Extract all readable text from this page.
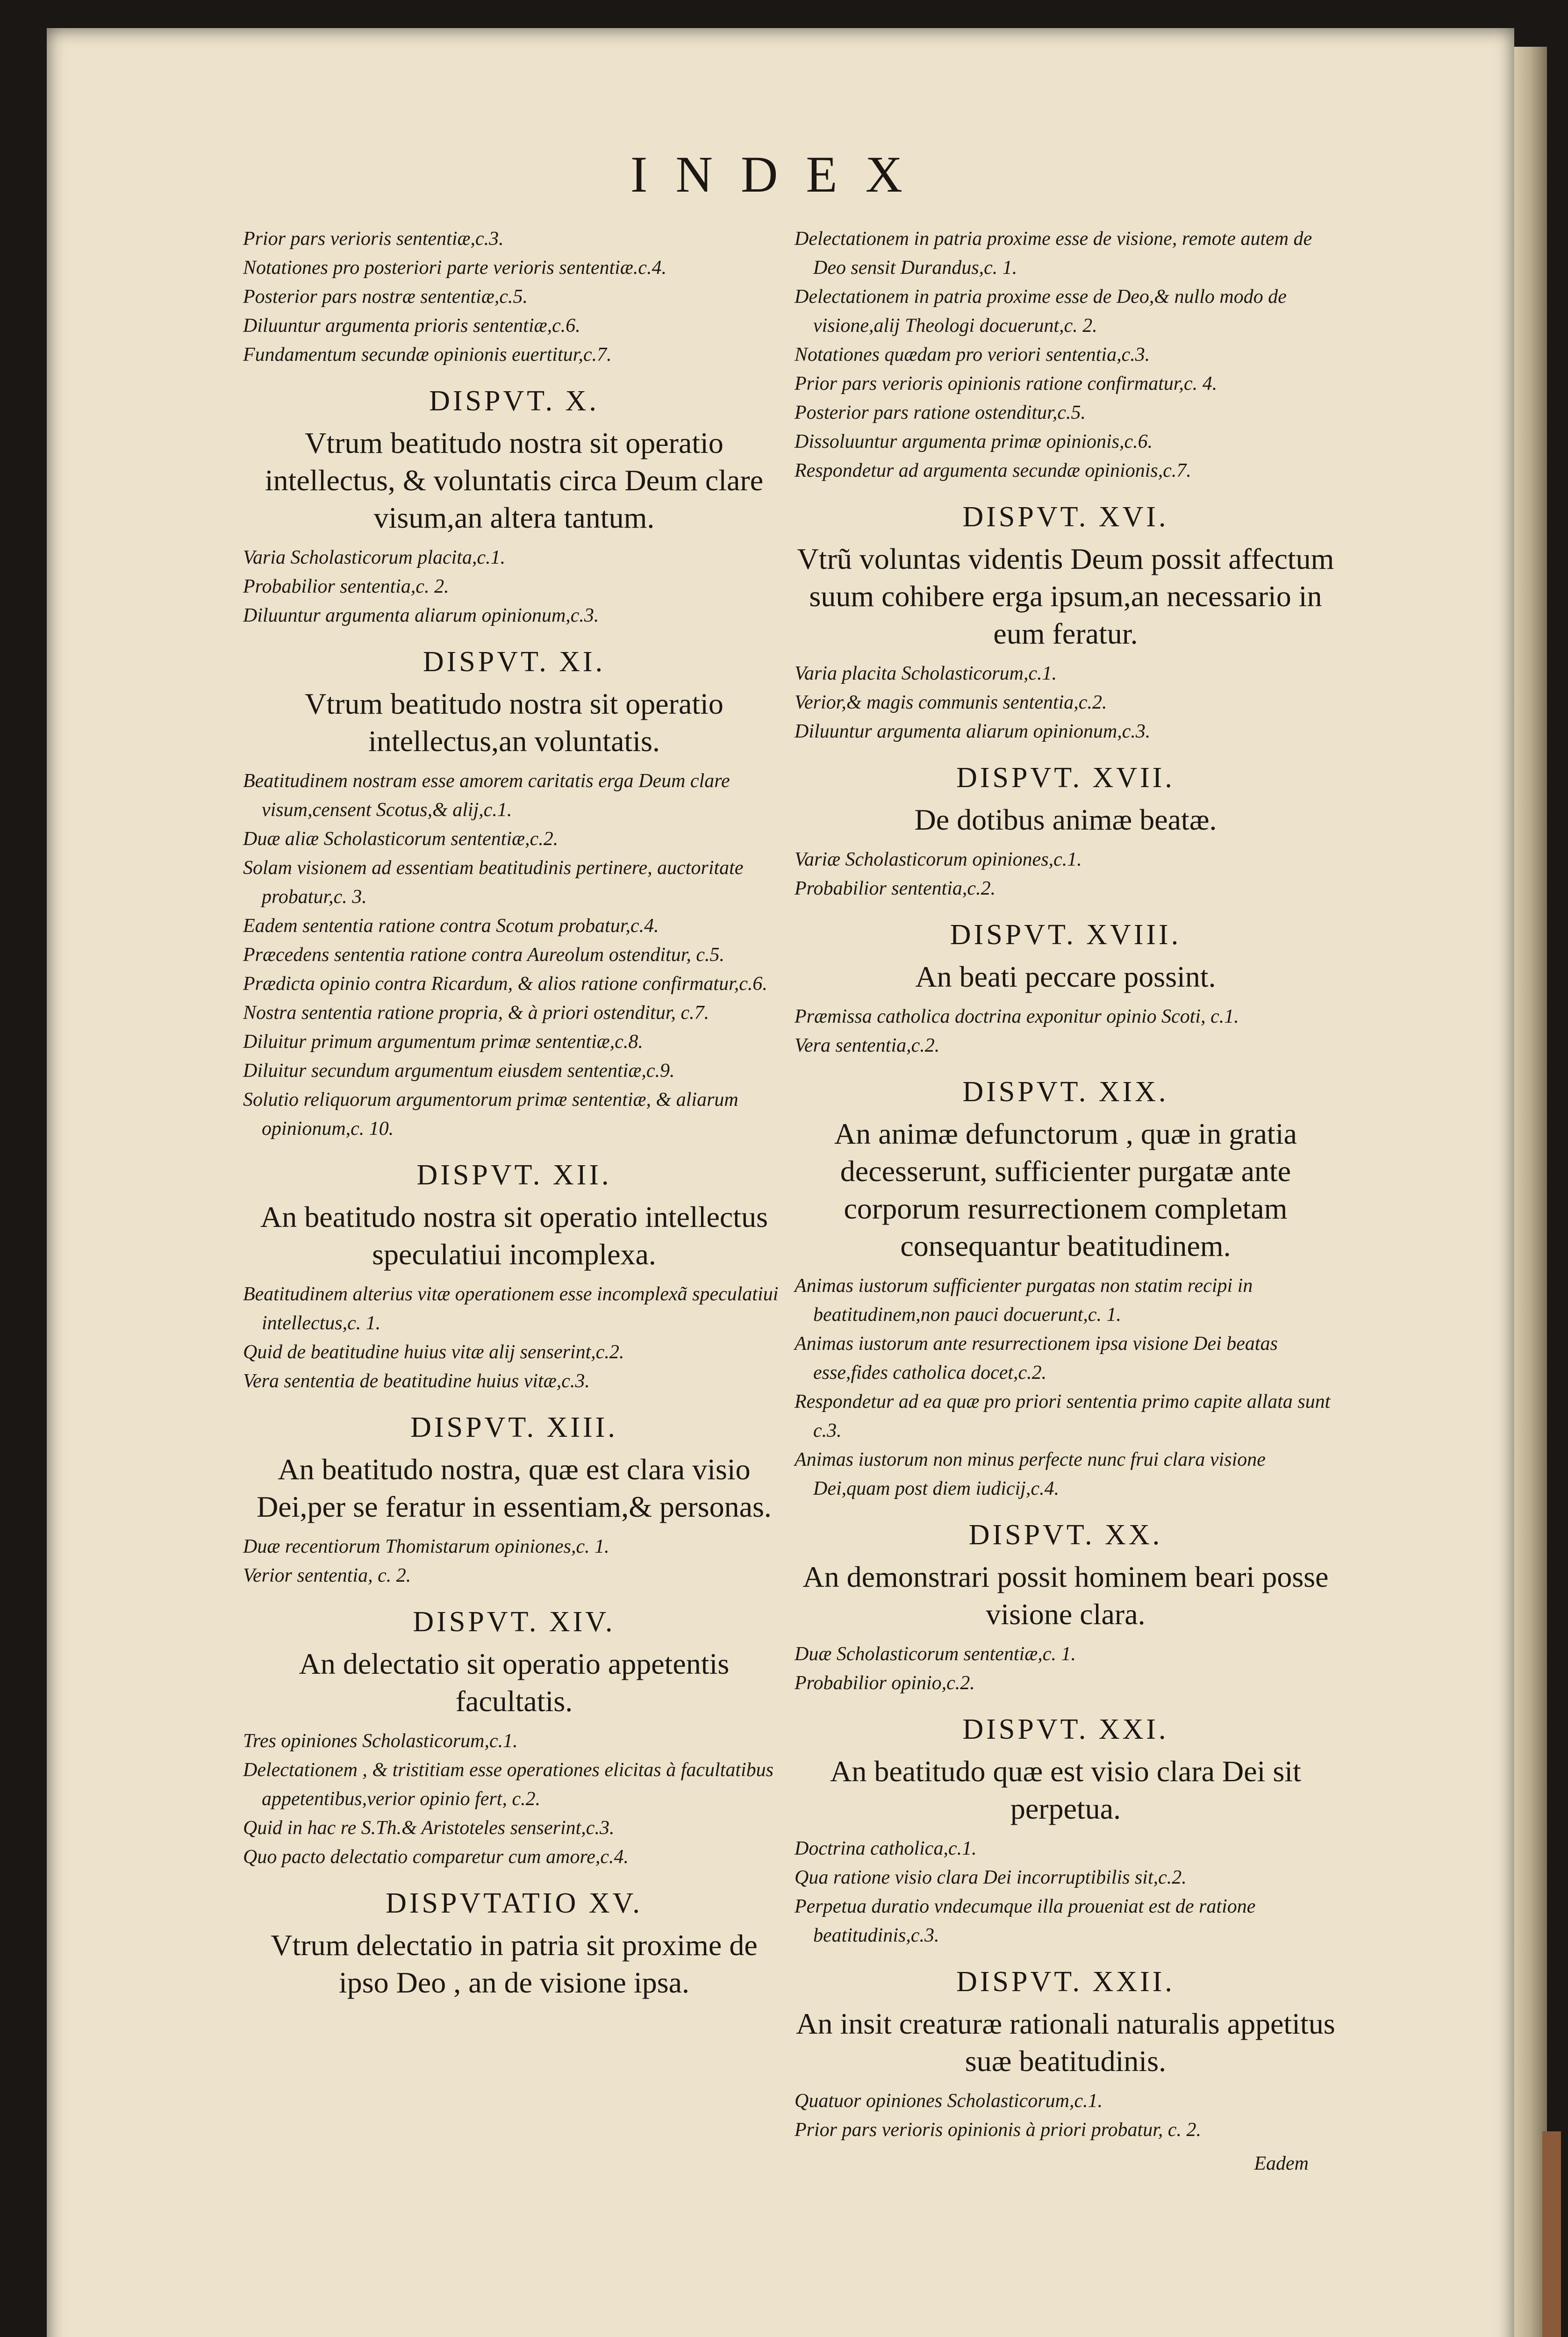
INDEX
Prior pars verioris sententiæ,c.3.
Notationes pro posteriori parte verioris sententiæ.c.4.
Posterior pars nostræ sententiæ,c.5.
Diluuntur argumenta prioris sententiæ,c.6.
Fundamentum secundæ opinionis euertitur,c.7.
DISPVT. X.
Vtrum beatitudo nostra sit operatio intellectus, & voluntatis circa Deum clare visum,an altera tantum.
Varia Scholasticorum placita,c.1.
Probabilior sententia,c. 2.
Diluuntur argumenta aliarum opinionum,c.3.
DISPVT. XI.
Vtrum beatitudo nostra sit operatio intellectus,an voluntatis.
Beatitudinem nostram esse amorem caritatis erga Deum clare visum,censent Scotus,& alij,c.1.
Duæ aliæ Scholasticorum sententiæ,c.2.
Solam visionem ad essentiam beatitudinis pertinere, auctoritate probatur,c. 3.
Eadem sententia ratione contra Scotum probatur,c.4.
Præcedens sententia ratione contra Aureolum ostenditur, c.5.
Prædicta opinio contra Ricardum, & alios ratione confirmatur,c.6.
Nostra sententia ratione propria, & à priori ostenditur, c.7.
Diluitur primum argumentum primæ sententiæ,c.8.
Diluitur secundum argumentum eiusdem sententiæ,c.9.
Solutio reliquorum argumentorum primæ sententiæ, & aliarum opinionum,c. 10.
DISPVT. XII.
An beatitudo nostra sit operatio intellectus speculatiui incomplexa.
Beatitudinem alterius vitæ operationem esse incomplexã speculatiui intellectus,c. 1.
Quid de beatitudine huius vitæ alij senserint,c.2.
Vera sententia de beatitudine huius vitæ,c.3.
DISPVT. XIII.
An beatitudo nostra, quæ est clara visio Dei,per se feratur in essentiam,& personas.
Duæ recentiorum Thomistarum opiniones,c. 1.
Verior sententia, c. 2.
DISPVT. XIV.
An delectatio sit operatio appetentis facultatis.
Tres opiniones Scholasticorum,c.1.
Delectationem , & tristitiam esse operationes elicitas à facultatibus appetentibus,verior opinio fert, c.2.
Quid in hac re S.Th.& Aristoteles senserint,c.3.
Quo pacto delectatio comparetur cum amore,c.4.
DISPVTATIO XV.
Vtrum delectatio in patria sit proxime de ipso Deo , an de visione ipsa.
Delectationem in patria proxime esse de visione, remote autem de Deo sensit Durandus,c. 1.
Delectationem in patria proxime esse de Deo,& nullo modo de visione,alij Theologi docuerunt,c. 2.
Notationes quædam pro veriori sententia,c.3.
Prior pars verioris opinionis ratione confirmatur,c. 4.
Posterior pars ratione ostenditur,c.5.
Dissoluuntur argumenta primæ opinionis,c.6.
Respondetur ad argumenta secundæ opinionis,c.7.
DISPVT. XVI.
Vtrũ voluntas videntis Deum possit affectum suum cohibere erga ipsum,an necessario in eum feratur.
Varia placita Scholasticorum,c.1.
Verior,& magis communis sententia,c.2.
Diluuntur argumenta aliarum opinionum,c.3.
DISPVT. XVII.
De dotibus animæ beatæ.
Variæ Scholasticorum opiniones,c.1.
Probabilior sententia,c.2.
DISPVT. XVIII.
An beati peccare possint.
Præmissa catholica doctrina exponitur opinio Scoti, c.1.
Vera sententia,c.2.
DISPVT. XIX.
An animæ defunctorum , quæ in gratia decesserunt, sufficienter purgatæ ante corporum resurrectionem completam consequantur beatitudinem.
Animas iustorum sufficienter purgatas non statim recipi in beatitudinem,non pauci docuerunt,c. 1.
Animas iustorum ante resurrectionem ipsa visione Dei beatas esse,fides catholica docet,c.2.
Respondetur ad ea quæ pro priori sententia primo capite allata sunt c.3.
Animas iustorum non minus perfecte nunc frui clara visione Dei,quam post diem iudicij,c.4.
DISPVT. XX.
An demonstrari possit hominem beari posse visione clara.
Duæ Scholasticorum sententiæ,c. 1.
Probabilior opinio,c.2.
DISPVT. XXI.
An beatitudo quæ est visio clara Dei sit perpetua.
Doctrina catholica,c.1.
Qua ratione visio clara Dei incorruptibilis sit,c.2.
Perpetua duratio vndecumque illa proueniat est de ratione beatitudinis,c.3.
DISPVT. XXII.
An insit creaturæ rationali naturalis appetitus suæ beatitudinis.
Quatuor opiniones Scholasticorum,c.1.
Prior pars verioris opinionis à priori probatur, c. 2.
Eadem
